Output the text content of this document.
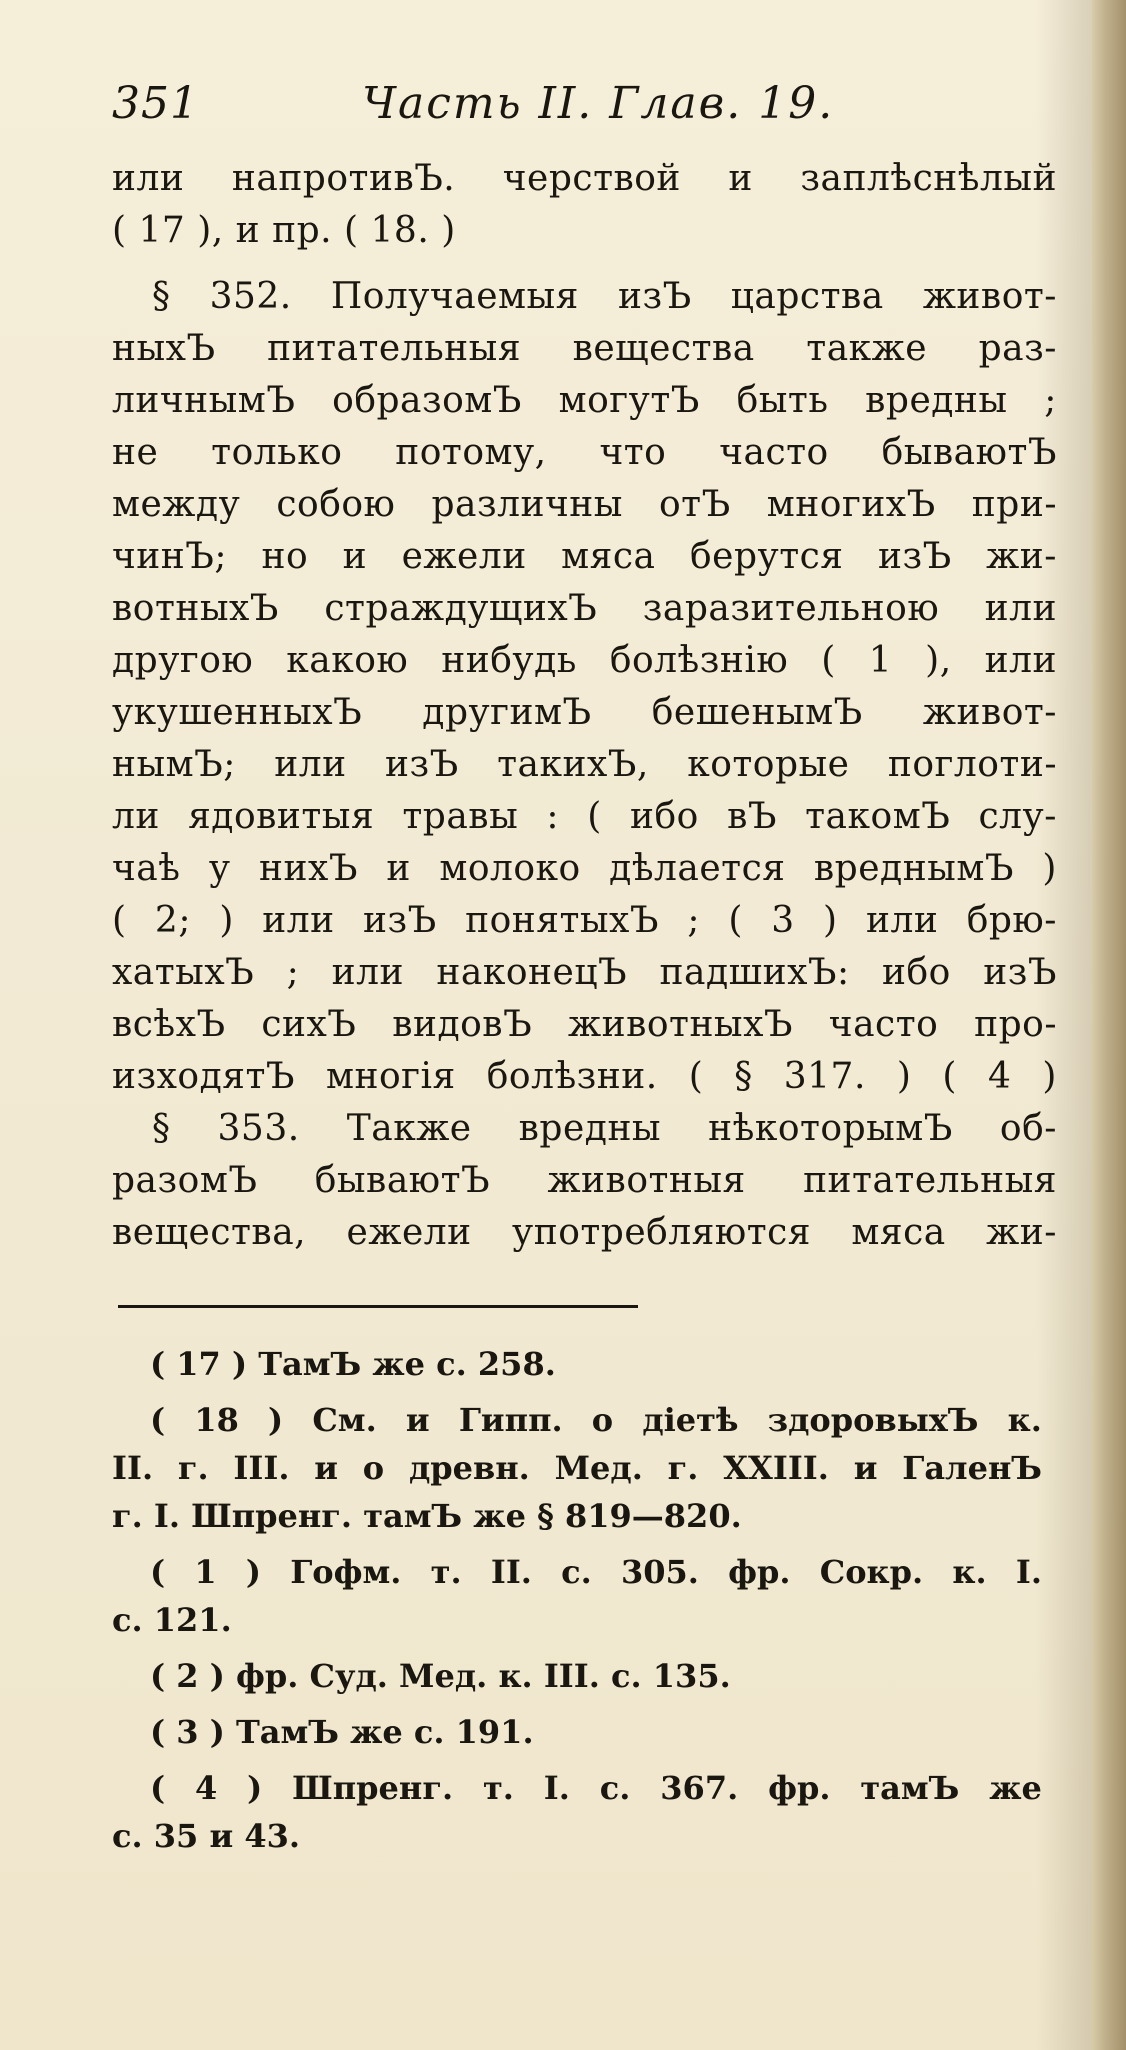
351	Часть II. Глав. 19.
или напротивЪ. черствой и заплѣснѣлый
( 17 ), и пр. ( 18. )
§ 352. Получаемыя изЪ царства живот-
ныхЪ питательныя вещества также раз-
личнымЪ образомЪ могутЪ быть вредны ;
не только потому, что часто бываютЪ
между собою различны отЪ многихЪ при-
чинЪ; но и ежели мяса берутся изЪ жи-
вотныхЪ страждущихЪ заразительною или
другою какою нибудь болѣзнію ( 1 ), или
укушенныхЪ другимЪ бешенымЪ живот-
нымЪ; или изЪ такихЪ, которые поглоти-
ли ядовитыя травы : ( ибо вЪ такомЪ слу-
чаѣ у нихЪ и молоко дѣлается вреднымЪ )
( 2; ) или изЪ понятыхЪ ; ( 3 ) или брю-
хатыхЪ ; или наконецЪ падшихЪ: ибо изЪ
всѣхЪ сихЪ видовЪ животныхЪ часто про-
изходятЪ многія болѣзни. ( § 317. ) ( 4 )
§ 353. Также вредны нѣкоторымЪ об-
разомЪ бываютЪ животныя питательныя
вещества, ежели употребляются мяса жи-
( 17 ) ТамЪ же с. 258.
( 18 ) См. и Гипп. о діетѣ здоровыхЪ к.
II. г. III. и о древн. Мед. г. XXIII. и ГаленЪ
г. I. Шпренг. тамЪ же § 819—820.
( 1 ) Гофм. т. II. с. 305. фр. Сокр. к. I.
с. 121.
( 2 ) фр. Суд. Мед. к. III. с. 135.
( 3 ) ТамЪ же с. 191.
( 4 ) Шпренг. т. I. с. 367. фр. тамЪ же
с. 35 и 43.
